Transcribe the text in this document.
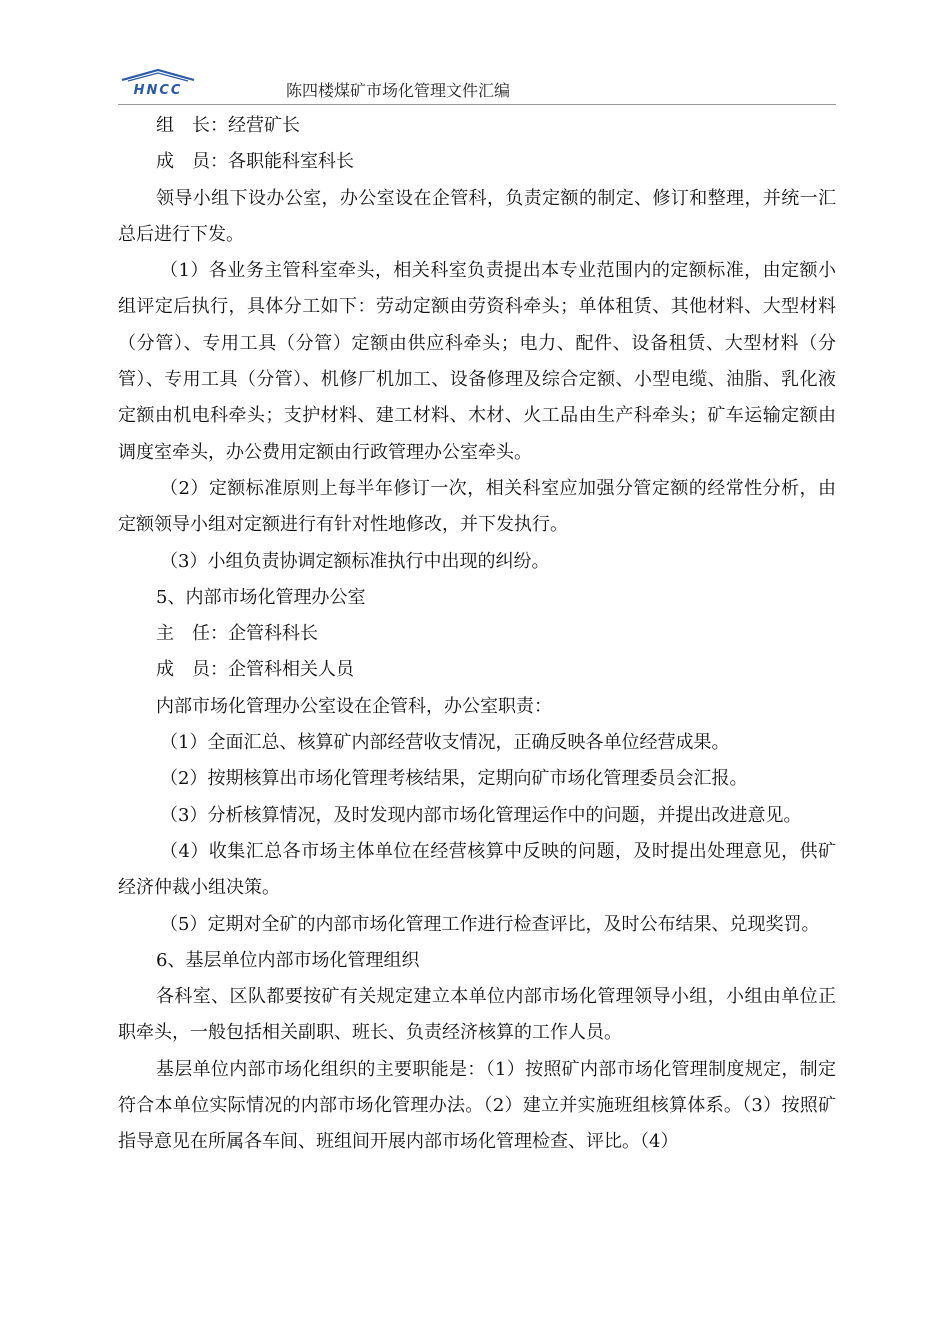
HNCC	陈四楼煤矿市场化管理文件汇编

组　长：经营矿长

成　员：各职能科室科长

领导小组下设办公室，办公室设在企管科，负责定额的制定、修订和整理，并统一汇总后进行下发。

（1）各业务主管科室牵头，相关科室负责提出本专业范围内的定额标准，由定额小组评定后执行，具体分工如下：劳动定额由劳资科牵头；单体租赁、其他材料、大型材料（分管）、专用工具（分管）定额由供应科牵头；电力、配件、设备租赁、大型材料（分管）、专用工具（分管）、机修厂机加工、设备修理及综合定额、小型电缆、油脂、乳化液定额由机电科牵头；支护材料、建工材料、木材、火工品由生产科牵头；矿车运输定额由调度室牵头，办公费用定额由行政管理办公室牵头。

（2）定额标准原则上每半年修订一次，相关科室应加强分管定额的经常性分析，由定额领导小组对定额进行有针对性地修改，并下发执行。

（3）小组负责协调定额标准执行中出现的纠纷。

5、内部市场化管理办公室

主　任：企管科科长

成　员：企管科相关人员

内部市场化管理办公室设在企管科，办公室职责：

（1）全面汇总、核算矿内部经营收支情况，正确反映各单位经营成果。

（2）按期核算出市场化管理考核结果，定期向矿市场化管理委员会汇报。

（3）分析核算情况，及时发现内部市场化管理运作中的问题，并提出改进意见。

（4）收集汇总各市场主体单位在经营核算中反映的问题，及时提出处理意见，供矿经济仲裁小组决策。

（5）定期对全矿的内部市场化管理工作进行检查评比，及时公布结果、兑现奖罚。

6、基层单位内部市场化管理组织

各科室、区队都要按矿有关规定建立本单位内部市场化管理领导小组，小组由单位正职牵头，一般包括相关副职、班长、负责经济核算的工作人员。

基层单位内部市场化组织的主要职能是：（1）按照矿内部市场化管理制度规定，制定符合本单位实际情况的内部市场化管理办法。（2）建立并实施班组核算体系。（3）按照矿指导意见在所属各车间、班组间开展内部市场化管理检查、评比。（4）
